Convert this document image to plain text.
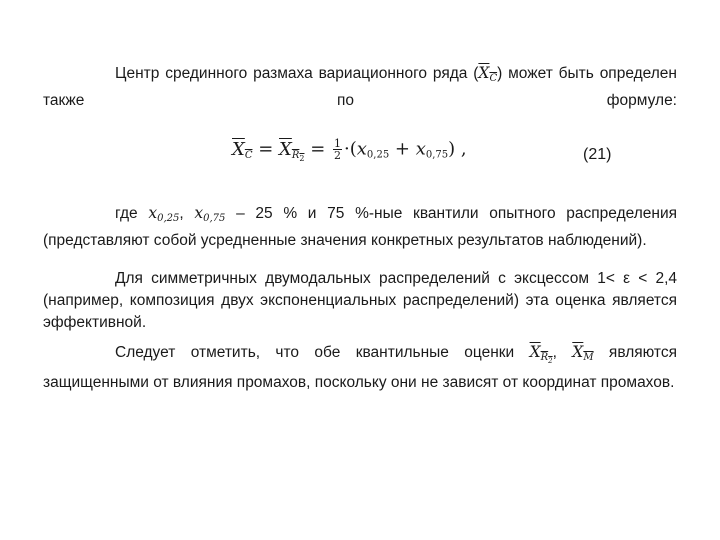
Центр срединного размаха вариационного ряда $(X_C)$ может быть определен также по формуле:

$X_C = X_{R_2} = \frac{1}{2} \cdot(x_{0,25} + x_{0,75})$ ,	(21)

где $x_{0,25}$, $x_{0,75} - 25$ % и 75 %-ные квантили опытного распределения (представляют собой усредненные значения конкретных результатов наблюдений).

Для симметричных двумодальных распределений с эксцессом 1< ε < 2,4 (например, композиция двух экспоненциальных распределений) эта оценка является эффективной.

Следует отметить, что обе квантильные оценки $X_{R_2}$, $X_M$ являются защищенными от влияния промахов, поскольку они не зависят от координат промахов.
